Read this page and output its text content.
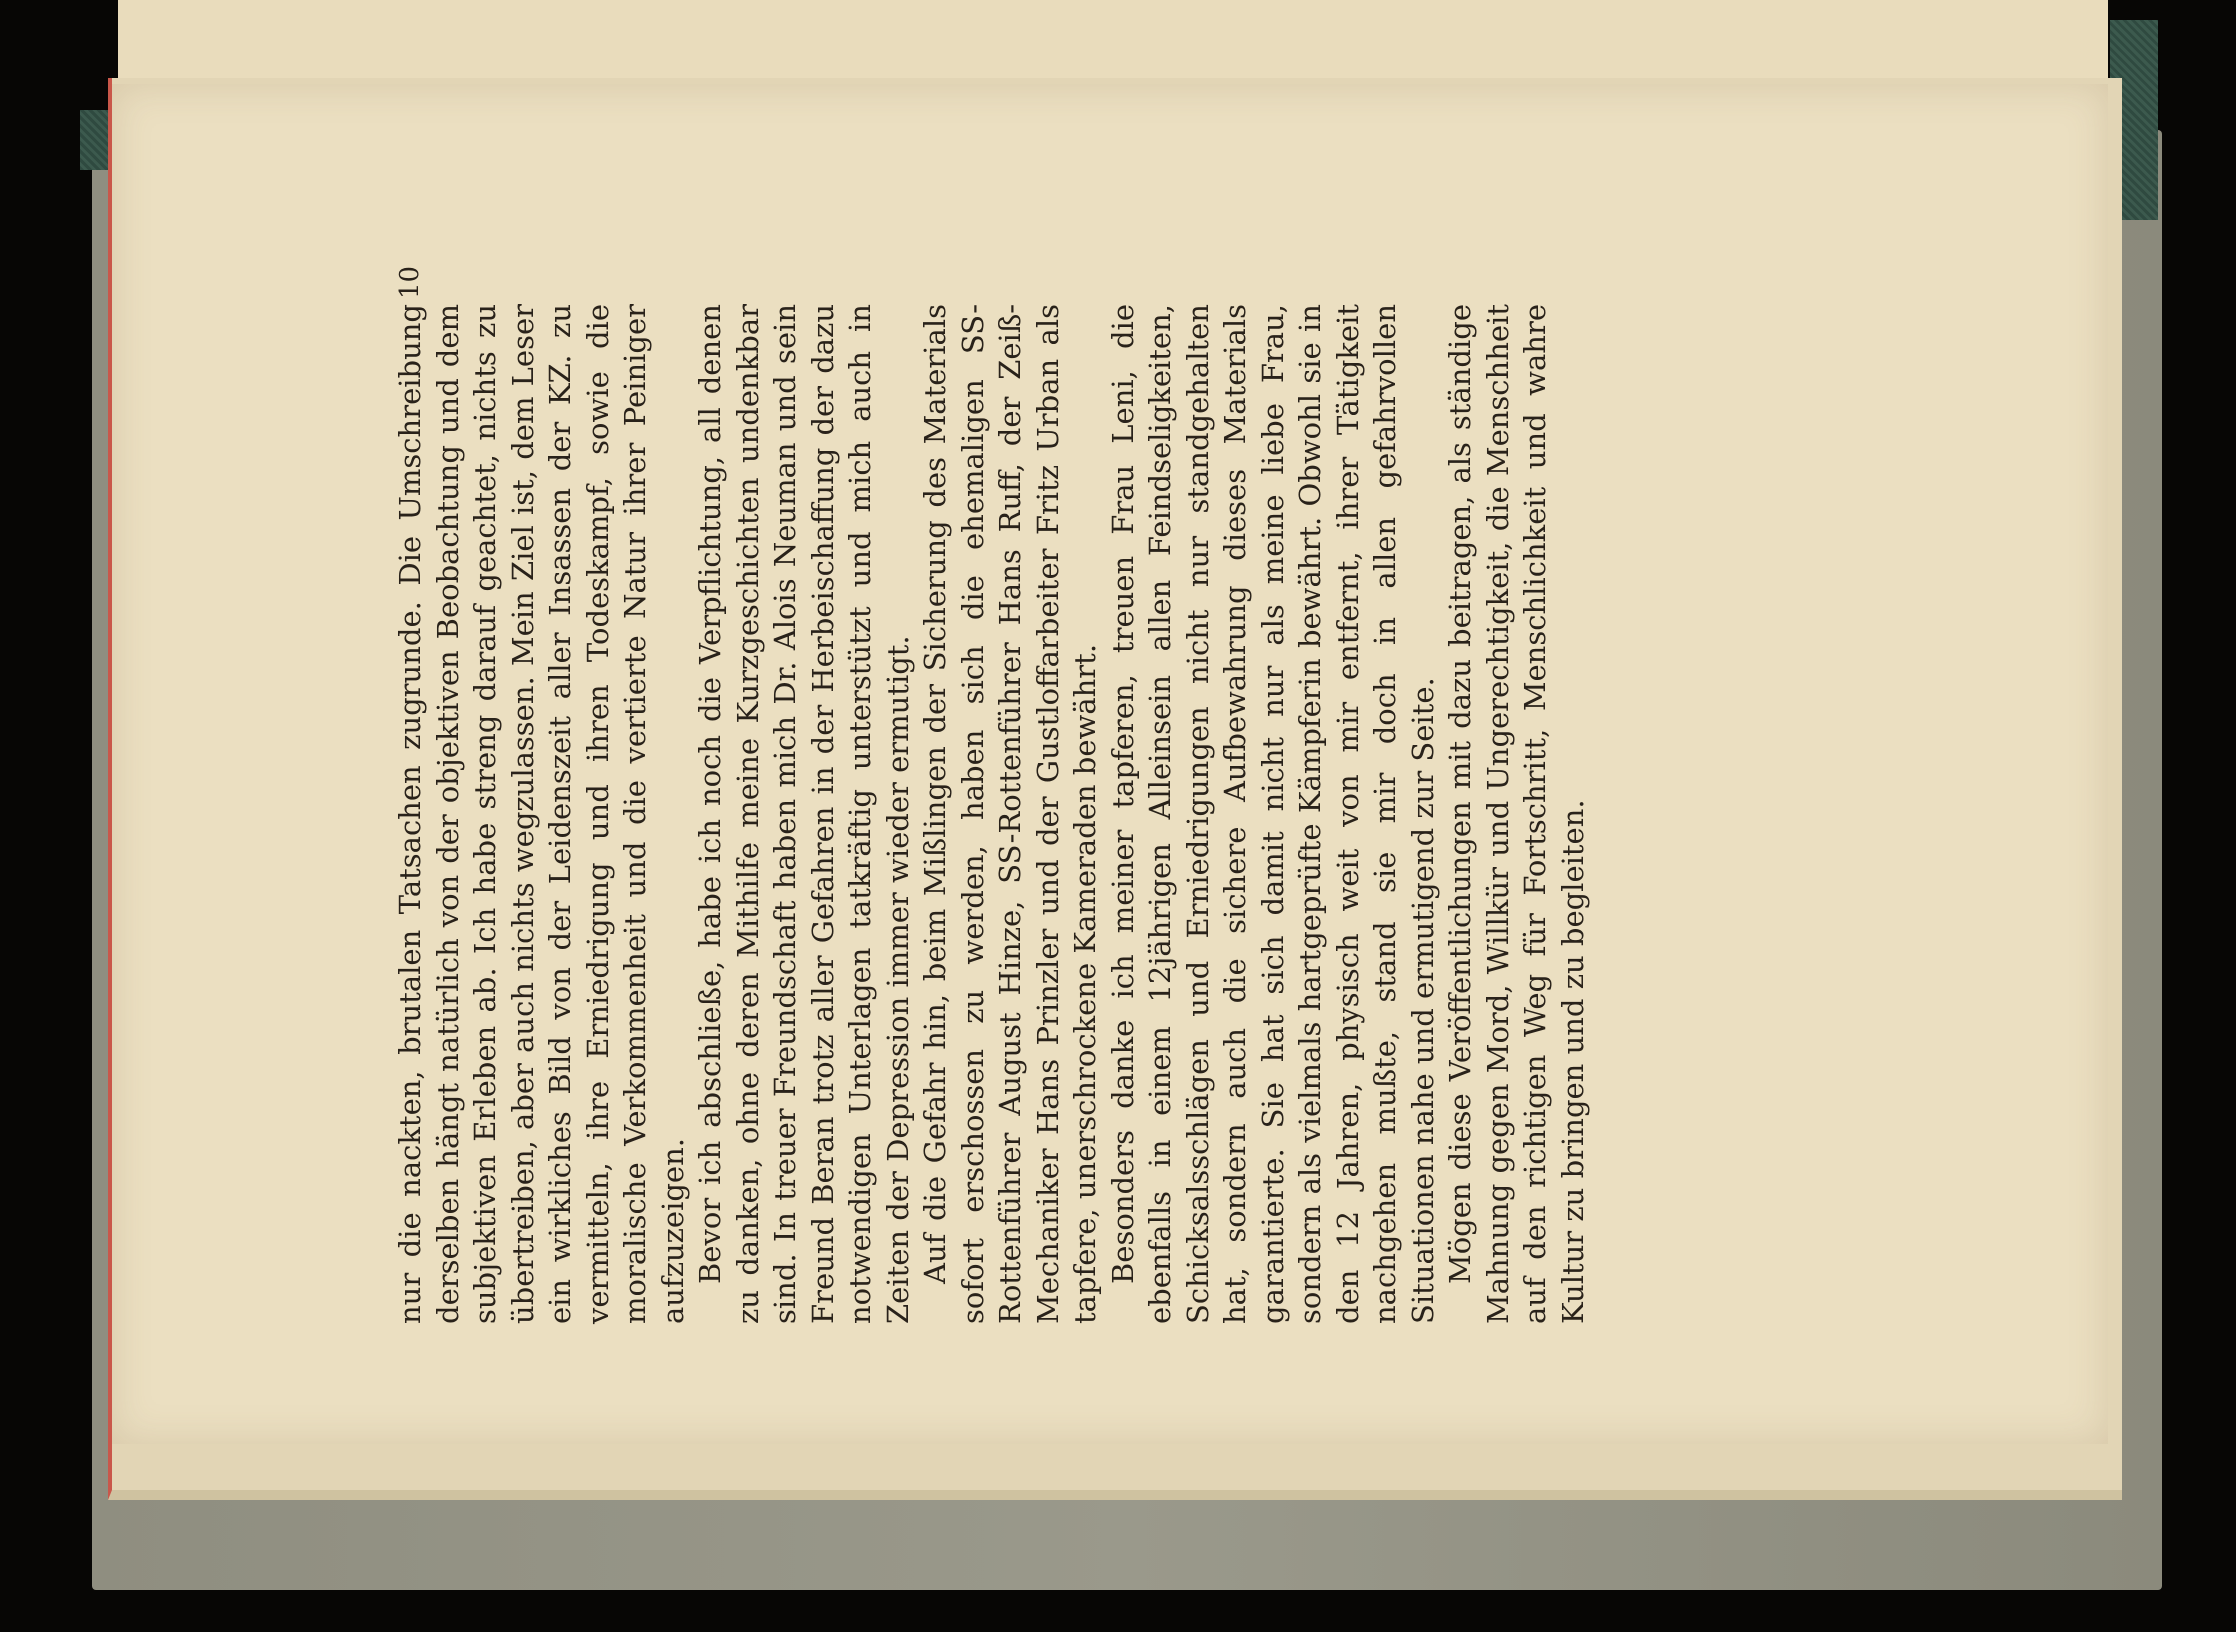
nur die nackten, brutalen Tatsachen zugrunde. Die Umschreibung derselben hängt natürlich von der objektiven Beobachtung und dem subjektiven Erleben ab. Ich habe streng darauf geachtet, nichts zu übertreiben, aber auch nichts wegzulassen. Mein Ziel ist, dem Leser ein wirkliches Bild von der Leidenszeit aller Insassen der KZ. zu vermitteln, ihre Erniedrigung und ihren Todeskampf, sowie die moralische Verkommenheit und die vertierte Natur ihrer Peiniger aufzuzeigen. Bevor ich abschließe, habe ich noch die Verpflichtung, all denen zu danken, ohne deren Mithilfe meine Kurzgeschichten undenkbar sind. In treuer Freundschaft haben mich Dr. Alois Neuman und sein Freund Beran trotz aller Gefahren in der Herbeischaffung der dazu notwendigen Unterlagen tatkräftig unterstützt und mich auch in Zeiten der Depression immer wieder ermutigt. Auf die Gefahr hin, beim Mißlingen der Sicherung des Materials sofort erschossen zu werden, haben sich die ehemaligen SS-Rottenführer August Hinze, SS-Rottenführer Hans Ruff, der Zeiß-Mechaniker Hans Prinzler und der Gustloffarbeiter Fritz Urban als tapfere, unerschrockene Kameraden bewährt. Besonders danke ich meiner tapferen, treuen Frau Leni, die ebenfalls in einem 12jährigen Alleinsein allen Feindseligkeiten, Schicksalsschlägen und Erniedrigungen nicht nur standgehalten hat, sondern auch die sichere Aufbewahrung dieses Materials garantierte. Sie hat sich damit nicht nur als meine liebe Frau, sondern als vielmals hartgeprüfte Kämpferin bewährt. Obwohl sie in den 12 Jahren, physisch weit von mir entfernt, ihrer Tätigkeit nachgehen mußte, stand sie mir doch in allen gefahrvollen Situationen nahe und ermutigend zur Seite. Mögen diese Veröffentlichungen mit dazu beitragen, als ständige Mahnung gegen Mord, Willkür und Ungerechtigkeit, die Menschheit auf den richtigen Weg für Fortschritt, Menschlichkeit und wahre Kultur zu bringen und zu begleiten.

10
